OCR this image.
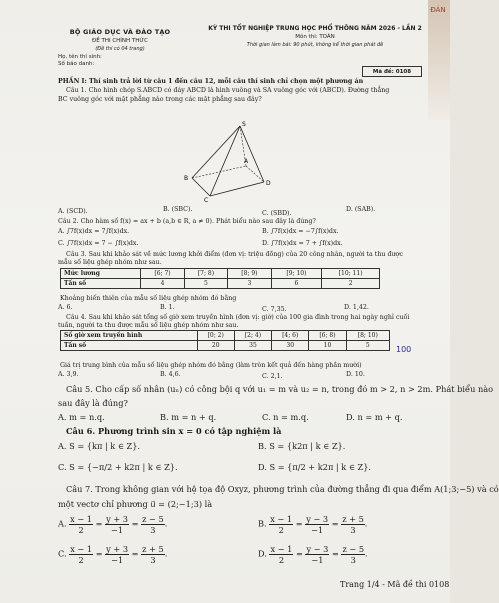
ĐÁN
BỘ GIÁO DỤC VÀ ĐÀO TẠO
ĐỀ THI CHÍNH THỨC
(Đề thi có 04 trang)
KỲ THI TỐT NGHIỆP TRUNG HỌC PHỔ THÔNG NĂM 2026 - LẦN 2
Môn thi: TOÁN
Thời gian làm bài: 90 phút, không kể thời gian phát đề
Họ, tên thí sinh:
Số báo danh:
Mã đề: 0108
PHẦN I: Thí sinh trả lời từ câu 1 đến câu 12, mỗi câu thí sinh chỉ chọn một phương án
Câu 1. Cho hình chóp S.ABCD có đáy ABCD là hình vuông và SA vuông góc với (ABCD). Đường thẳng
BC vuông góc với mặt phẳng nào trong các mặt phẳng sau đây?
S
A
B
C
D
A. (SCD).	B. (SBC).
C. (SBD).
D. (SAB).
Câu 2. Cho hàm số f(x) = ax + b (a,b ∈ R, a ≠ 0). Phát biểu nào sau đây là đúng?
A. ∫7f(x)dx = 7∫f(x)dx.	B. ∫7f(x)dx = −7∫f(x)dx.
C. ∫7f(x)dx = 7 − ∫f(x)dx.	D. ∫7f(x)dx = 7 + ∫f(x)dx.
Câu 3. Sau khi khảo sát về mức lương khởi điểm (đơn vị: triệu đồng) của 20 công nhân, người ta thu được
mẫu số liệu ghép nhóm như sau.
Mức lương	[6; 7)	[7; 8)	[8; 9)	[9; 10)	[10; 11)
Tần số	4	5	3	6	2
Khoảng biến thiên của mẫu số liệu ghép nhóm đó bằng
A. 6.	B. 1.	C. 7,35.	D. 1,42.
Câu 4. Sau khi khảo sát tổng số giờ xem truyền hình (đơn vị: giờ) của 100 gia đình trong hai ngày nghỉ cuối
tuần, người ta thu được mẫu số liệu ghép nhóm như sau.
Số giờ xem truyền hình	[0; 2)	[2; 4)	[4; 6)	[6; 8)	[8; 10)
Tần số	20	35	30	10	5	100
Giá trị trung bình của mẫu số liệu ghép nhóm đó bằng (làm tròn kết quả đến hàng phần mười)
A. 3,9.	B. 4,6.	C. 2,1.	D. 10.
Câu 5. Cho cấp số nhân (uₙ) có công bội q với u₁ = m và u₂ = n, trong đó m > 2, n > 2m. Phát biểu nào
sau đây là đúng?
A. m = n.q.	B. m = n + q.	C. n = m.q.	D. n = m + q.
Câu 6. Phương trình sin x = 0 có tập nghiệm là
A. S = {kπ | k ∈ Z}.	B. S = {k2π | k ∈ Z}.
C. S = {−π/2 + k2π | k ∈ Z}.	D. S = {π/2 + k2π | k ∈ Z}.
Câu 7. Trong không gian với hệ tọa độ Oxyz, phương trình của đường thẳng đi qua điểm A(1;3;−5) và có
một vectơ chỉ phương u⃗ = (2;−1;3) là
A. $\frac{x - 1}{2} = \frac{y + 3}{-1} = \frac{z - 5}{3}$ .	B. $\frac{x - 1}{2} = \frac{y - 3}{-1} = \frac{z + 5}{3}$ .
C. $\frac{x - 1}{2} = \frac{y + 3}{-1} = \frac{z + 5}{3}$ .	D. $\frac{x - 1}{2} = \frac{y - 3}{-1} = \frac{z - 5}{3}$ .
Trang 1/4 - Mã đề thi 0108
